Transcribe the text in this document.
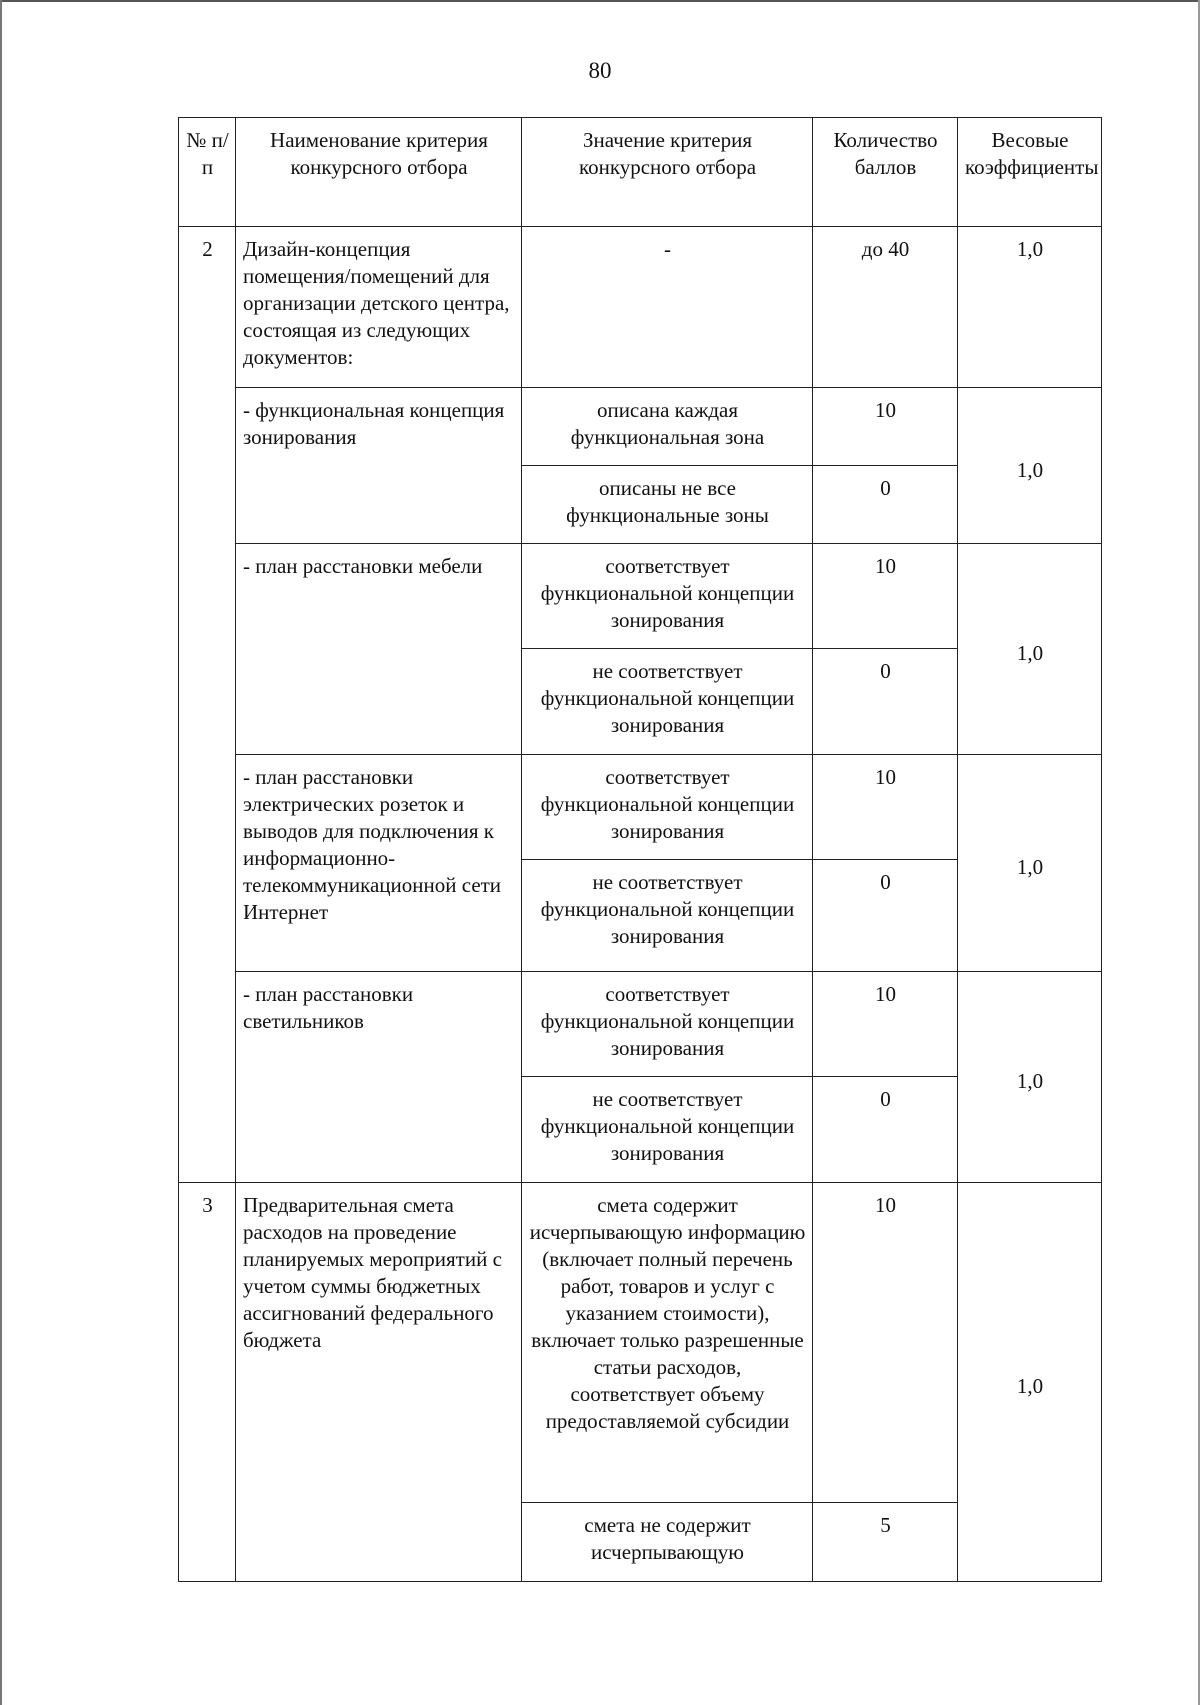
80
№ п/п	Наименование критерия конкурсного отбора	Значение критерия конкурсного отбора	Количество баллов	Весовые коэффициенты
2	Дизайн-концепция помещения/помещений для организации детского центра, состоящая из следующих документов:	-	до 40	1,0
	- функциональная концепция зонирования	описана каждая функциональная зона	10	1,0
		описаны не все функциональные зоны	0	
	- план расстановки мебели	соответствует функциональной концепции зонирования	10	1,0
		не соответствует функциональной концепции зонирования	0	
	- план расстановки электрических розеток и выводов для подключения к информационно-телекоммуникационной сети Интернет	соответствует функциональной концепции зонирования	10	1,0
		не соответствует функциональной концепции зонирования	0	
	- план расстановки светильников	соответствует функциональной концепции зонирования	10	1,0
		не соответствует функциональной концепции зонирования	0	
3	Предварительная смета расходов на проведение планируемых мероприятий с учетом суммы бюджетных ассигнований федерального бюджета	смета содержит исчерпывающую информацию (включает полный перечень работ, товаров и услуг с указанием стоимости), включает только разрешенные статьи расходов, соответствует объему предоставляемой субсидии	10	1,0
		смета не содержит исчерпывающую	5	
